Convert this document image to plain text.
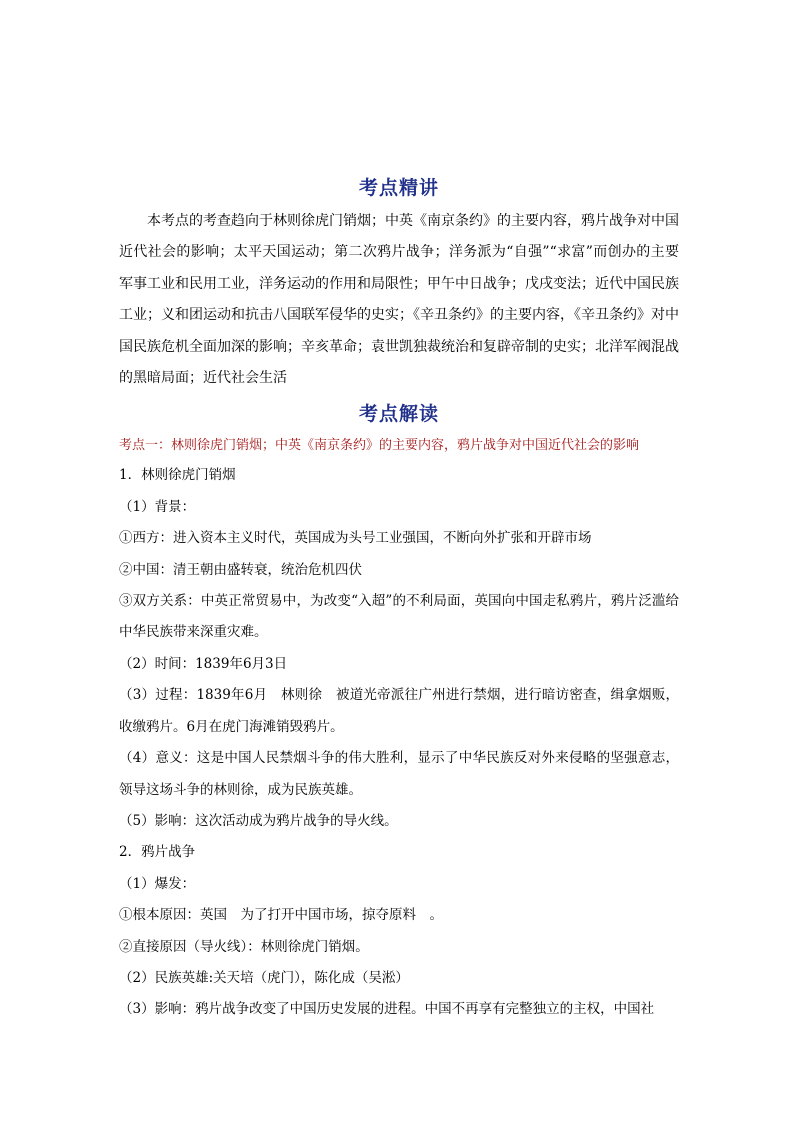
考点精讲

本考点的考查趋向于林则徐虎门销烟；中英《南京条约》的主要内容，鸦片战争对中国近代社会的影响；太平天国运动；第二次鸦片战争；洋务派为“自强”“求富”而创办的主要军事工业和民用工业，洋务运动的作用和局限性；甲午中日战争；戊戌变法；近代中国民族工业；义和团运动和抗击八国联军侵华的史实；《辛丑条约》的主要内容，《辛丑条约》对中国民族危机全面加深的影响；辛亥革命；袁世凯独裁统治和复辟帝制的史实；北洋军阀混战的黑暗局面；近代社会生活

考点解读

考点一：林则徐虎门销烟；中英《南京条约》的主要内容，鸦片战争对中国近代社会的影响

1．林则徐虎门销烟

（1）背景：

①西方：进入资本主义时代，英国成为头号工业强国，不断向外扩张和开辟市场

②中国：清王朝由盛转衰，统治危机四伏

③双方关系：中英正常贸易中，为改变“入超”的不利局面，英国向中国走私鸦片，鸦片泛滥给中华民族带来深重灾难。

（2）时间：1839年6月3日

（3）过程：1839年6月　林则徐　被道光帝派往广州进行禁烟，进行暗访密查，缉拿烟贩，收缴鸦片。6月在虎门海滩销毁鸦片。

（4）意义：这是中国人民禁烟斗争的伟大胜利，显示了中华民族反对外来侵略的坚强意志，领导这场斗争的林则徐，成为民族英雄。

（5）影响：这次活动成为鸦片战争的导火线。

2．鸦片战争

（1）爆发：

①根本原因：英国　为了打开中国市场，掠夺原料　。

②直接原因（导火线）：林则徐虎门销烟。

（2）民族英雄:关天培（虎门），陈化成（吴淞）

（3）影响：鸦片战争改变了中国历史发展的进程。中国不再享有完整独立的主权，中国社
